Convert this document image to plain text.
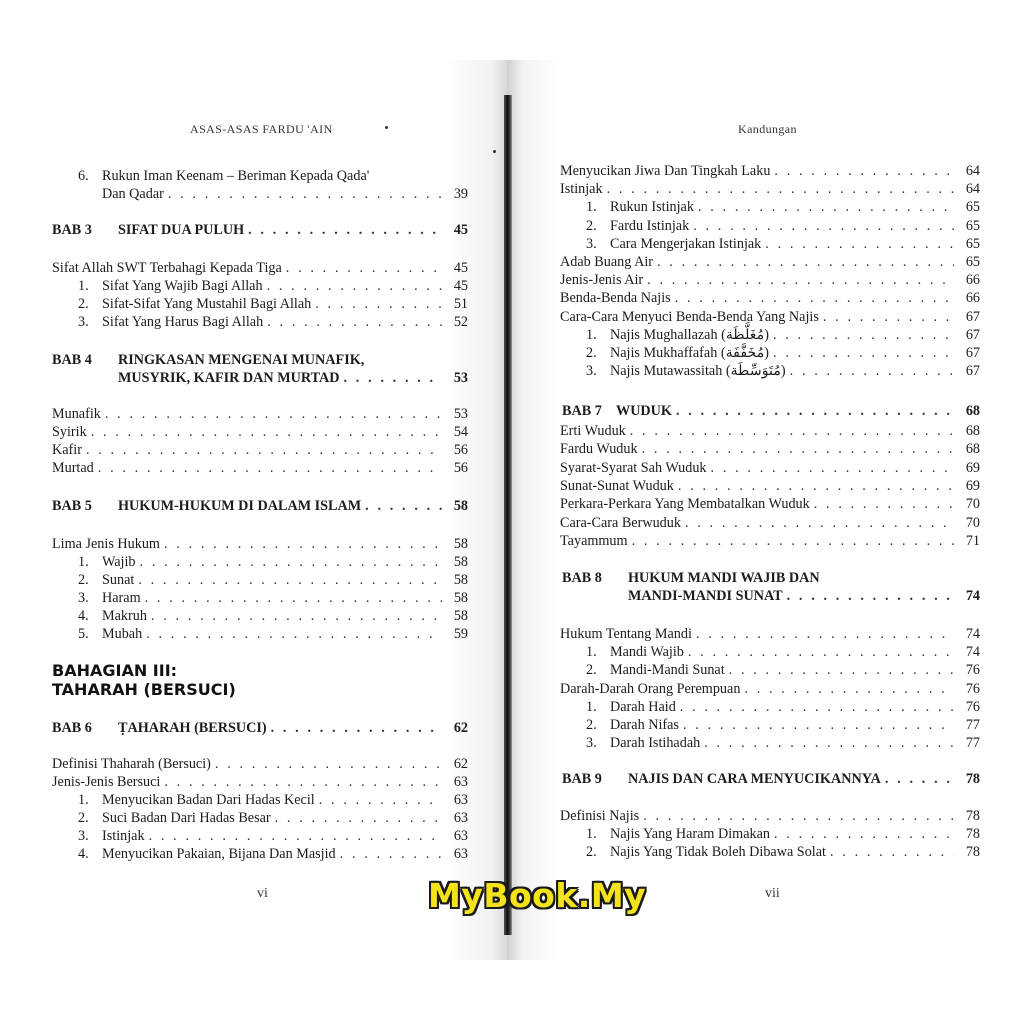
ASAS-ASAS FARDU 'AIN
6. Rukun Iman Keenam – Beriman Kepada Qada'
Dan Qadar . . .	39
BAB 3	SIFAT DUA PULUH . . .	45
Sifat Allah SWT Terbahagi Kepada Tiga . . .	45
1. Sifat Yang Wajib Bagi Allah . . .	45
2. Sifat-Sifat Yang Mustahil Bagi Allah . . .	51
3. Sifat Yang Harus Bagi Allah . . .	52
BAB 4	RINGKASAN MENGENAI MUNAFIK,
MUSYRIK, KAFIR DAN MURTAD . . .	53
Munafik . . .	53
Syirik . . .	54
Kafir . . .	56
Murtad . . .	56
BAB 5	HUKUM-HUKUM DI DALAM ISLAM . . .	58
Lima Jenis Hukum . . .	58
1. Wajib . . .	58
2. Sunat . . .	58
3. Haram . . .	58
4. Makruh . . .	58
5. Mubah . . .	59
BAHAGIAN III:
TAHARAH (BERSUCI)
BAB 6	ṬAHARAH (BERSUCI) . . .	62
Definisi Thaharah (Bersuci) . . .	62
Jenis-Jenis Bersuci . . .	63
1. Menyucikan Badan Dari Hadas Kecil . . .	63
2. Suci Badan Dari Hadas Besar . . .	63
3. Istinjak . . .	63
4. Menyucikan Pakaian, Bijana Dan Masjid . . .	63
vi
Kandungan
Menyucikan Jiwa Dan Tingkah Laku . . .	64
Istinjak . . .	64
1. Rukun Istinjak . . .	65
2. Fardu Istinjak . . .	65
3. Cara Mengerjakan Istinjak . . .	65
Adab Buang Air . . .	65
Jenis-Jenis Air . . .	66
Benda-Benda Najis . . .	66
Cara-Cara Menyuci Benda-Benda Yang Najis . . .	67
1. Najis Mughallazah (مُغَلَّظَة) . . .	67
2. Najis Mukhaffafah (مُخَفَّفَة) . . .	67
3. Najis Mutawassitah (مُتَوَسِّطَة) . . .	67
BAB 7 WUDUK . . .	68
Erti Wuduk . . .	68
Fardu Wuduk . . .	68
Syarat-Syarat Sah Wuduk . . .	69
Sunat-Sunat Wuduk . . .	69
Perkara-Perkara Yang Membatalkan Wuduk . . .	70
Cara-Cara Berwuduk . . .	70
Tayammum . . .	71
BAB 8	HUKUM MANDI WAJIB DAN
MANDI-MANDI SUNAT . . .	74
Hukum Tentang Mandi . . .	74
1. Mandi Wajib . . .	74
2. Mandi-Mandi Sunat . . .	76
Darah-Darah Orang Perempuan . . .	76
1. Darah Haid . . .	76
2. Darah Nifas . . .	77
3. Darah Istihadah . . .	77
BAB 9	NAJIS DAN CARA MENYUCIKANNYA . . .	78
Definisi Najis . . .	78
1. Najis Yang Haram Dimakan . . .	78
2. Najis Yang Tidak Boleh Dibawa Solat . . .	78
vii
MyBook.My
